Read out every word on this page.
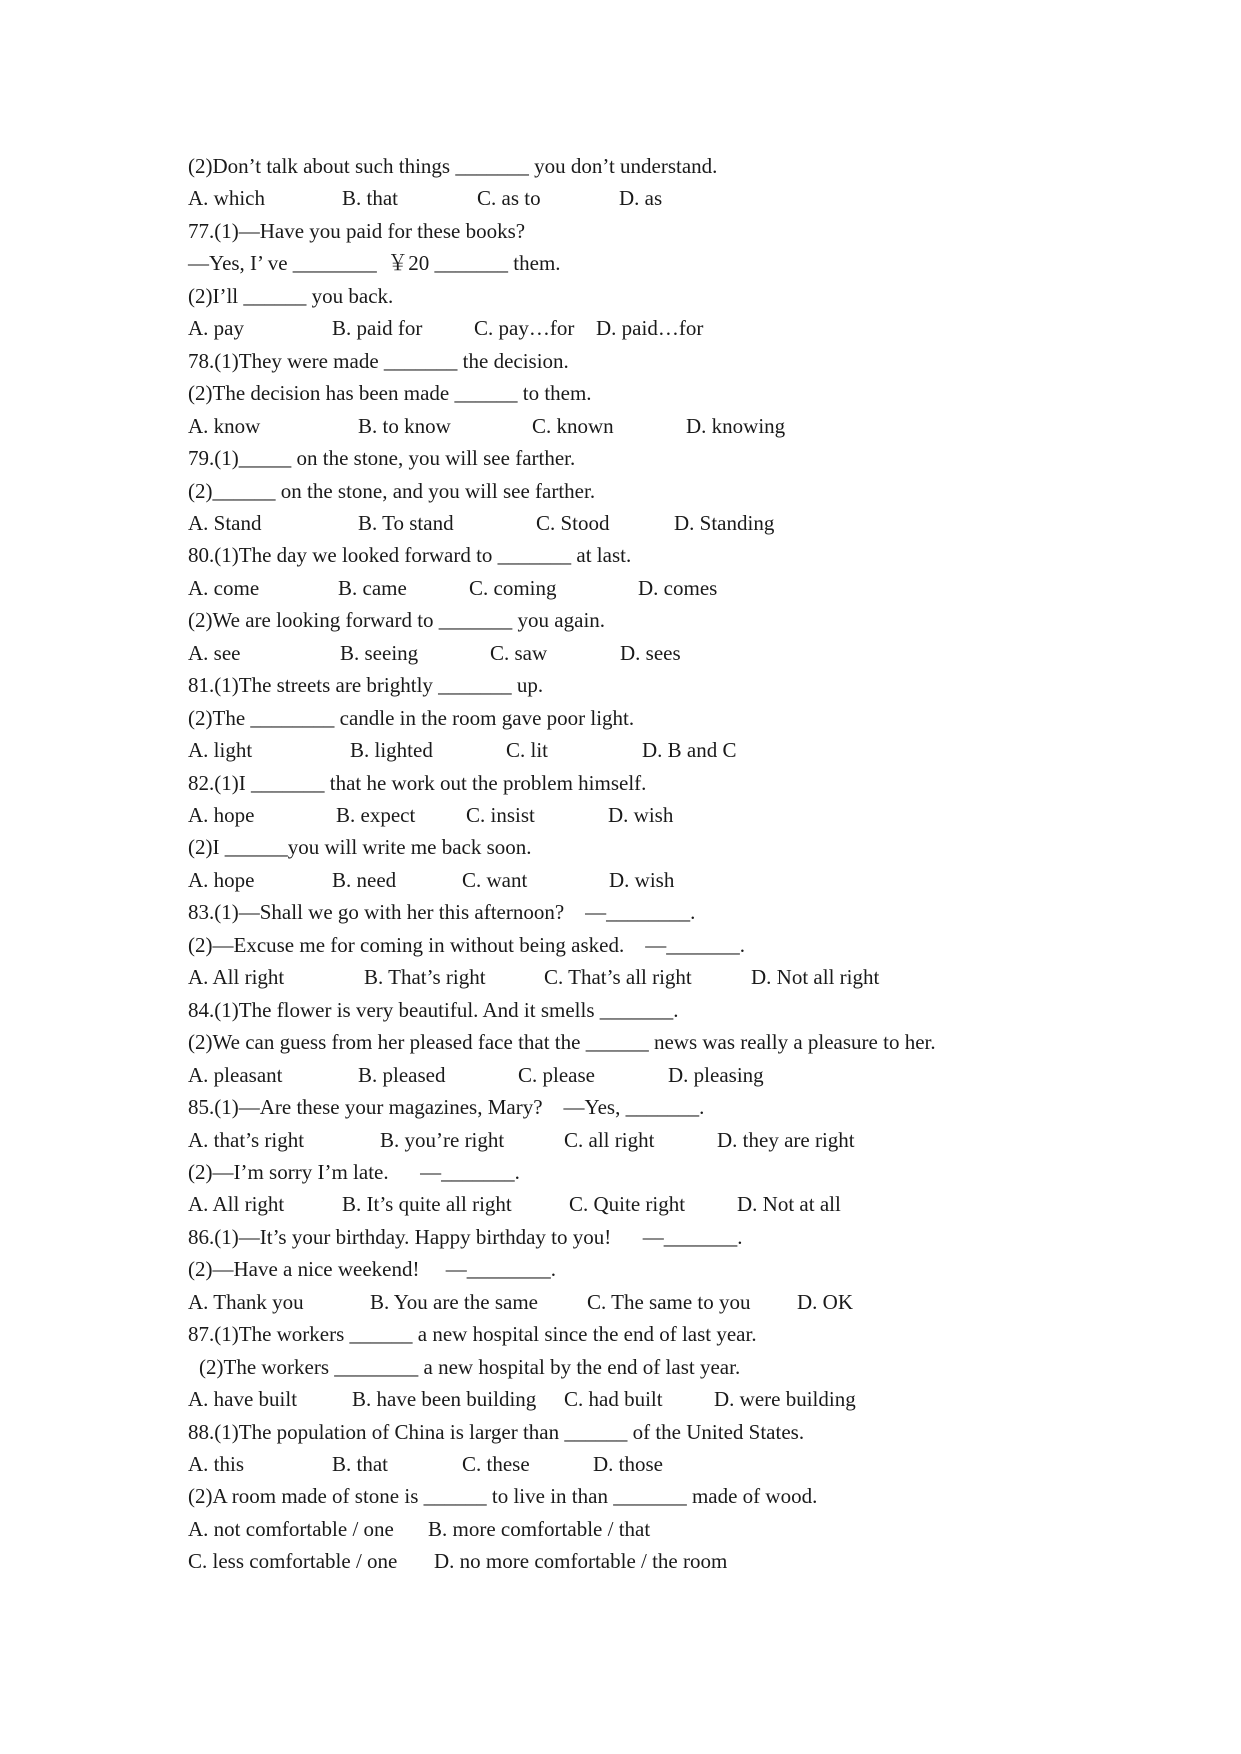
(2)Don’t talk about such things _______ you don’t understand.
A. which	B. that	C. as to	D. as
77.(1)—Have you paid for these books?
—Yes, I’ ve ________  ￥20 _______ them.
(2)I’ll ______ you back.
A. pay	B. paid for C. pay…for D. paid…for
78.(1)They were made _______ the decision.
(2)The decision has been made ______ to them.
A. know	B. to know	C. known	D. knowing
79.(1)_____ on the stone, you will see farther.
(2)______ on the stone, and you will see farther.
A. Stand	B. To stand	C. Stood	D. Standing
80.(1)The day we looked forward to _______ at last.
A. come	B. came	C. coming	D. comes
(2)We are looking forward to _______ you again.
A. see	B. seeing	C. saw	D. sees
81.(1)The streets are brightly _______ up.
(2)The ________ candle in the room gave poor light.
A. light	B. lighted	C. lit	D. B and C
82.(1)I _______ that he work out the problem himself.
A. hope	B. expect C. insist	D. wish
(2)I ______you will write me back soon.
A. hope	B. need	C. want	D. wish
83.(1)—Shall we go with her this afternoon?    —________.
(2)—Excuse me for coming in without being asked.    —_______.
A. All right	B. That’s right	C. That’s all right	D. Not all right
84.(1)The flower is very beautiful. And it smells _______.
(2)We can guess from her pleased face that the ______ news was really a pleasure to her.
A. pleasant	B. pleased	C. please	D. pleasing
85.(1)—Are these your magazines, Mary?    —Yes, _______.
A. that’s right	B. you’re right	C. all right	D. they are right
(2)—I’m sorry I’m late.      —_______.
A. All right	B. It’s quite all right	C. Quite right D. Not at all
86.(1)—It’s your birthday. Happy birthday to you!      —_______.
(2)—Have a nice weekend!     —________.
A. Thank you	B. You are the same C. The same to you D. OK
87.(1)The workers ______ a new hospital since the end of last year.
(2)The workers ________ a new hospital by the end of last year.
A. have built	B. have been building C. had built D. were building
88.(1)The population of China is larger than ______ of the United States.
A. this	B. that	C. these	D. those
(2)A room made of stone is ______ to live in than _______ made of wood.
A. not comfortable / one B. more comfortable / that
C. less comfortable / one D. no more comfortable / the room
